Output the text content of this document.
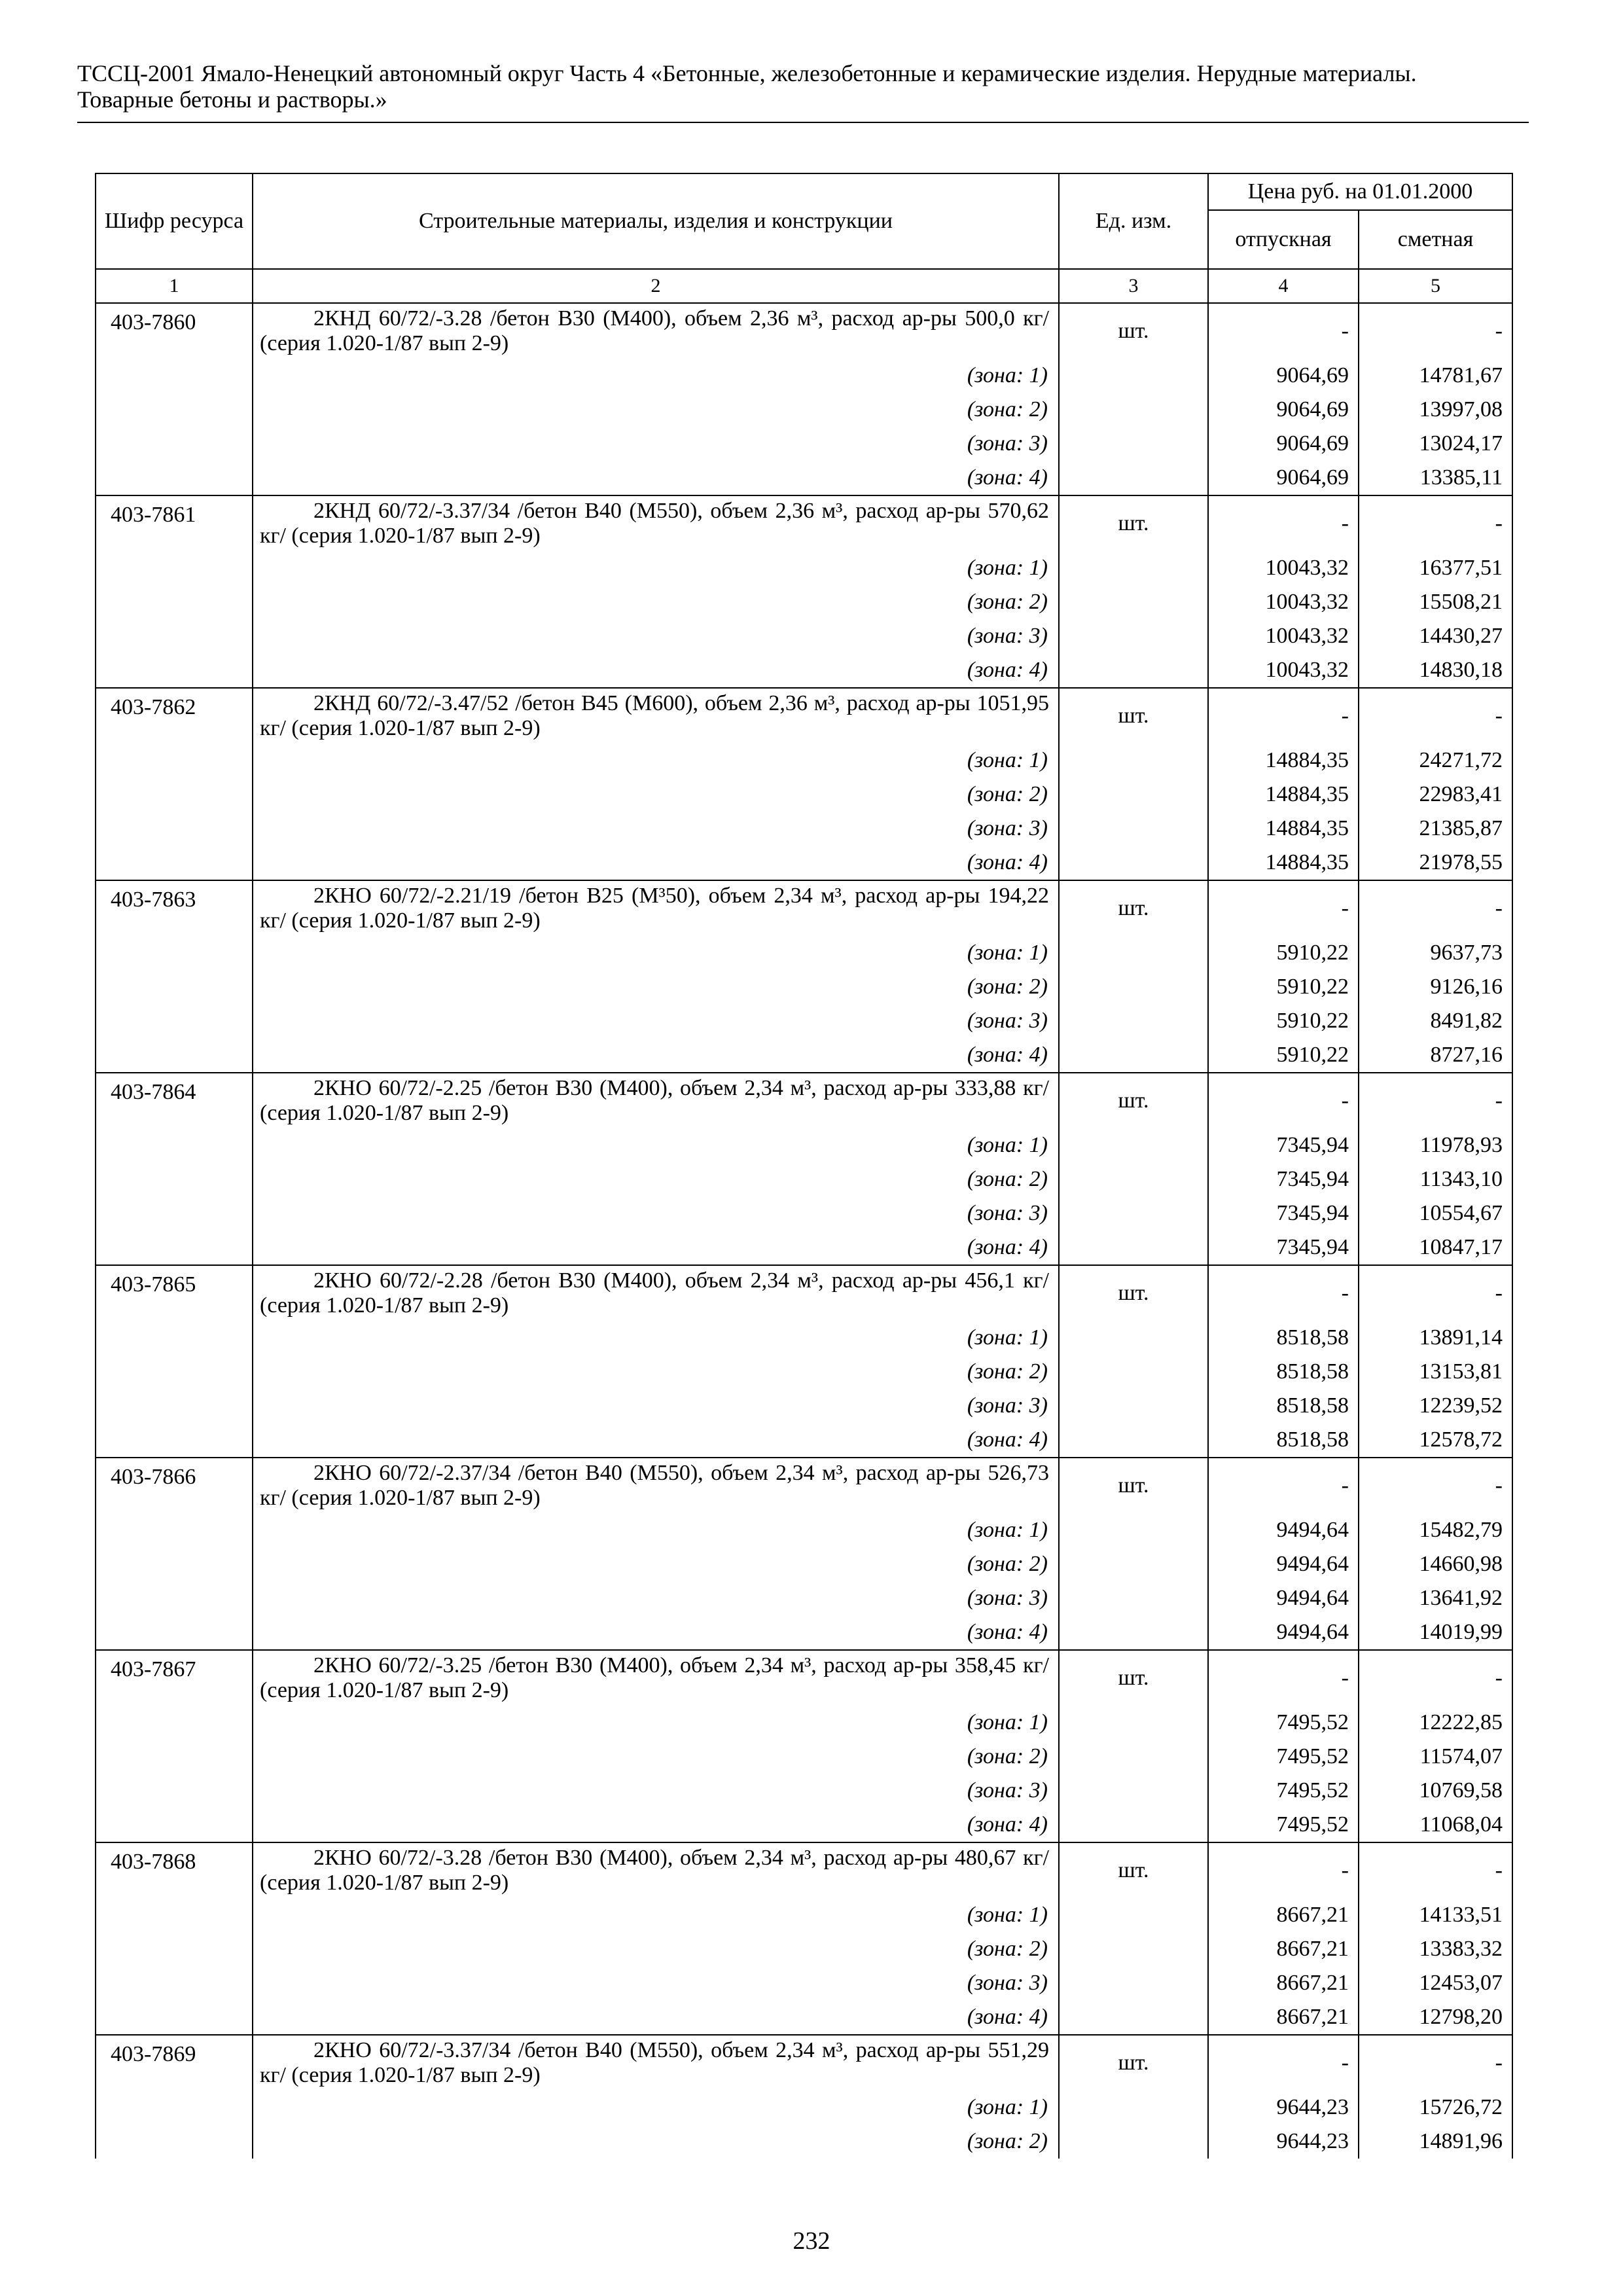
ТССЦ-2001 Ямало-Ненецкий автономный округ Часть 4 «Бетонные, железобетонные и керамические изделия. Нерудные материалы.
Товарные бетоны и растворы.»
Шифр ресурса	Строительные материалы, изделия и конструкции	Ед. изм.	Цена руб. на 01.01.2000	
			отпускная	сметная
1	2	3	4	5
403-7860	2КНД 60/72/-3.28 /бетон В30 (М400), объем 2,36 м³, расход ар-ры 500,0 кг/ (серия 1.020-1/87 вып 2-9)	шт.	-	-
	(зона: 1)		9064,69	14781,67
	(зона: 2)		9064,69	13997,08
	(зона: 3)		9064,69	13024,17
	(зона: 4)		9064,69	13385,11
403-7861	2КНД 60/72/-3.37/34 /бетон В40 (М550), объем 2,36 м³, расход ар-ры 570,62 кг/ (серия 1.020-1/87 вып 2-9)	шт.	-	-
	(зона: 1)		10043,32	16377,51
	(зона: 2)		10043,32	15508,21
	(зона: 3)		10043,32	14430,27
	(зона: 4)		10043,32	14830,18
403-7862	2КНД 60/72/-3.47/52 /бетон В45 (М600), объем 2,36 м³, расход ар-ры 1051,95 кг/ (серия 1.020-1/87 вып 2-9)	шт.	-	-
	(зона: 1)		14884,35	24271,72
	(зона: 2)		14884,35	22983,41
	(зона: 3)		14884,35	21385,87
	(зона: 4)		14884,35	21978,55
403-7863	2КНО 60/72/-2.21/19 /бетон В25 (М³50), объем 2,34 м³, расход ар-ры 194,22 кг/ (серия 1.020-1/87 вып 2-9)	шт.	-	-
	(зона: 1)		5910,22	9637,73
	(зона: 2)		5910,22	9126,16
	(зона: 3)		5910,22	8491,82
	(зона: 4)		5910,22	8727,16
403-7864	2КНО 60/72/-2.25 /бетон В30 (М400), объем 2,34 м³, расход ар-ры 333,88 кг/ (серия 1.020-1/87 вып 2-9)	шт.	-	-
	(зона: 1)		7345,94	11978,93
	(зона: 2)		7345,94	11343,10
	(зона: 3)		7345,94	10554,67
	(зона: 4)		7345,94	10847,17
403-7865	2КНО 60/72/-2.28 /бетон В30 (М400), объем 2,34 м³, расход ар-ры 456,1 кг/ (серия 1.020-1/87 вып 2-9)	шт.	-	-
	(зона: 1)		8518,58	13891,14
	(зона: 2)		8518,58	13153,81
	(зона: 3)		8518,58	12239,52
	(зона: 4)		8518,58	12578,72
403-7866	2КНО 60/72/-2.37/34 /бетон В40 (М550), объем 2,34 м³, расход ар-ры 526,73 кг/ (серия 1.020-1/87 вып 2-9)	шт.	-	-
	(зона: 1)		9494,64	15482,79
	(зона: 2)		9494,64	14660,98
	(зона: 3)		9494,64	13641,92
	(зона: 4)		9494,64	14019,99
403-7867	2КНО 60/72/-3.25 /бетон В30 (М400), объем 2,34 м³, расход ар-ры 358,45 кг/ (серия 1.020-1/87 вып 2-9)	шт.	-	-
	(зона: 1)		7495,52	12222,85
	(зона: 2)		7495,52	11574,07
	(зона: 3)		7495,52	10769,58
	(зона: 4)		7495,52	11068,04
403-7868	2КНО 60/72/-3.28 /бетон В30 (М400), объем 2,34 м³, расход ар-ры 480,67 кг/ (серия 1.020-1/87 вып 2-9)	шт.	-	-
	(зона: 1)		8667,21	14133,51
	(зона: 2)		8667,21	13383,32
	(зона: 3)		8667,21	12453,07
	(зона: 4)		8667,21	12798,20
403-7869	2КНО 60/72/-3.37/34 /бетон В40 (М550), объем 2,34 м³, расход ар-ры 551,29 кг/ (серия 1.020-1/87 вып 2-9)	шт.	-	-
	(зона: 1)		9644,23	15726,72
	(зона: 2)		9644,23	14891,96
232
